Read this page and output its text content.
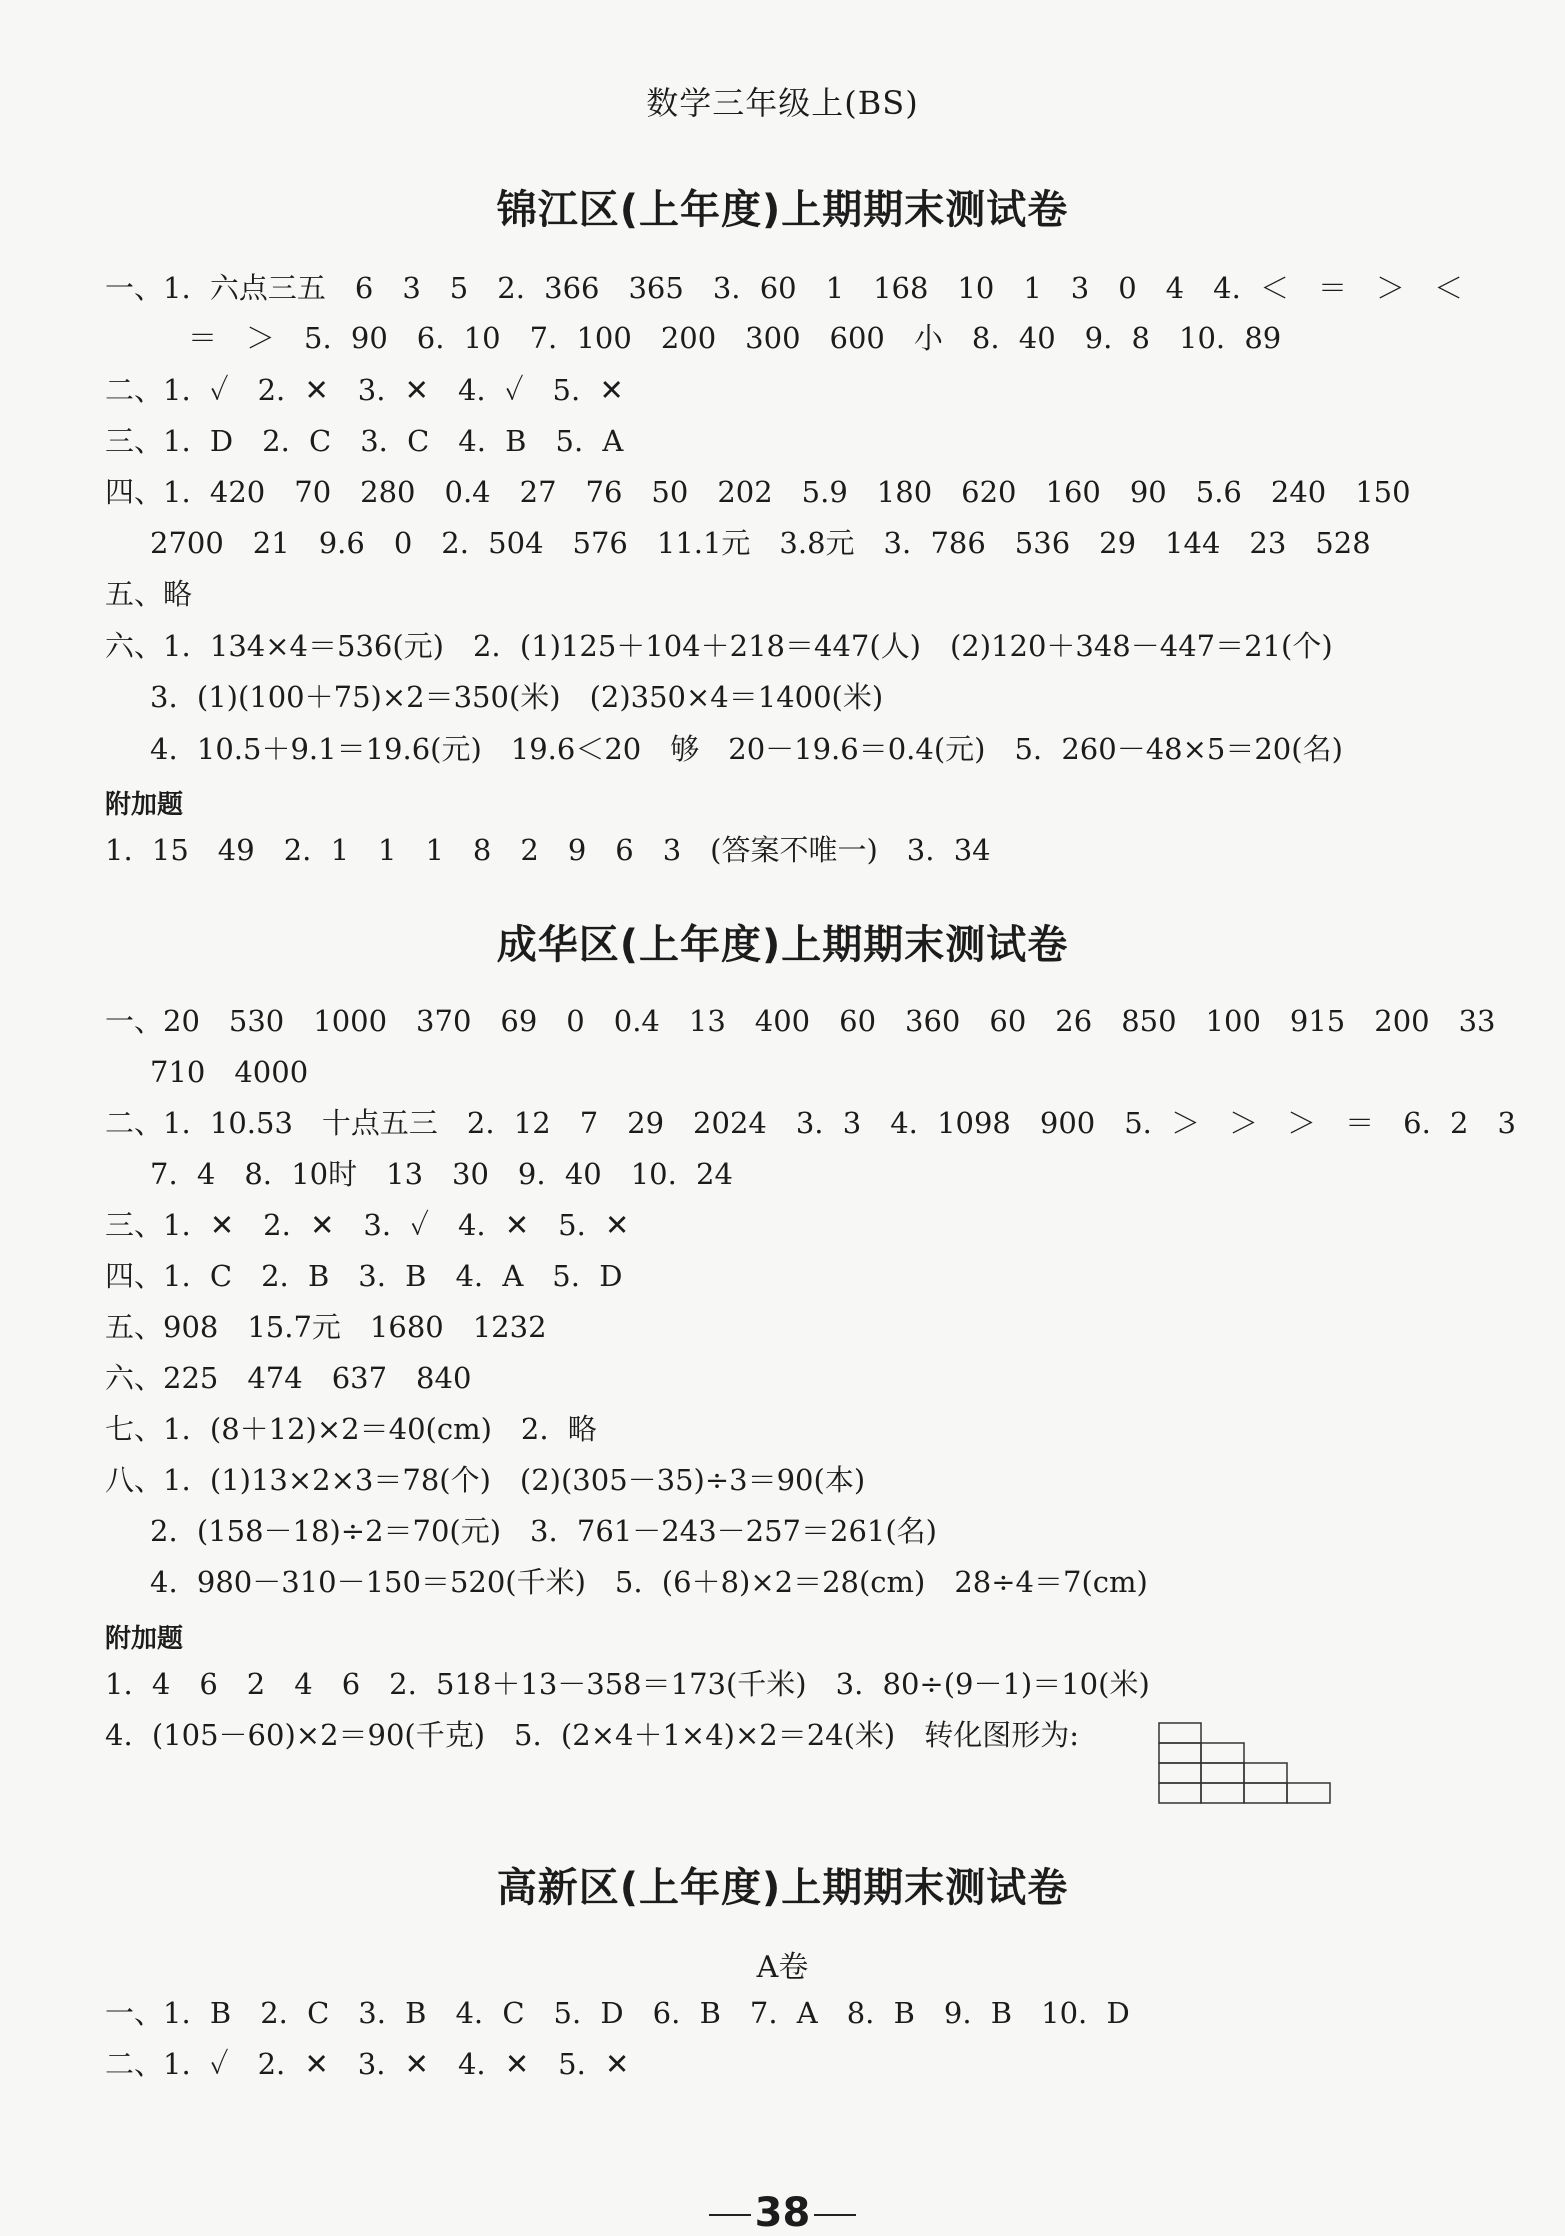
数学三年级上(BS)
锦江区(上年度)上期期末测试卷
一、1. 六点三五　6　3　5　2. 366　365　3. 60　1　168　10　1　3　0　4　4. ＜　＝　＞　＜
＝　＞　5. 90　6. 10　7. 100　200　300　600　小　8. 40　9. 8　10. 89
二、1. ✓　2. ✕　3. ✕　4. ✓　5. ✕
三、1. D　2. C　3. C　4. B　5. A
四、1. 420　70　280　0.4　27　76　50　202　5.9　180　620　160　90　5.6　240　150
2700　21　9.6　0　2. 504　576　11.1元　3.8元　3. 786　536　29　144　23　528
五、略
六、1. 134×4＝536(元)　2. (1)125＋104＋218＝447(人)　(2)120＋348－447＝21(个)
3. (1)(100＋75)×2＝350(米)　(2)350×4＝1400(米)
4. 10.5＋9.1＝19.6(元)　19.6＜20　够　20－19.6＝0.4(元)　5. 260－48×5＝20(名)
附加题
1. 15　49　2. 1　1　1　8　2　9　6　3　(答案不唯一)　3. 34
成华区(上年度)上期期末测试卷
一、20　530　1000　370　69　0　0.4　13　400　60　360　60　26　850　100　915　200　33
710　4000
二、1. 10.53　十点五三　2. 12　7　29　2024　3. 3　4. 1098　900　5. ＞　＞　＞　＝　6. 2　3
7. 4　8. 10时　13　30　9. 40　10. 24
三、1. ✕　2. ✕　3. ✓　4. ✕　5. ✕
四、1. C　2. B　3. B　4. A　5. D
五、908　15.7元　1680　1232
六、225　474　637　840
七、1. (8＋12)×2＝40(cm)　2. 略
八、1. (1)13×2×3＝78(个)　(2)(305－35)÷3＝90(本)
2. (158－18)÷2＝70(元)　3. 761－243－257＝261(名)
4. 980－310－150＝520(千米)　5. (6＋8)×2＝28(cm)　28÷4＝7(cm)
附加题
1. 4　6　2　4　6　2. 518＋13－358＝173(千米)　3. 80÷(9－1)＝10(米)
4. (105－60)×2＝90(千克)　5. (2×4＋1×4)×2＝24(米)　转化图形为:
高新区(上年度)上期期末测试卷
A卷
一、1. B　2. C　3. B　4. C　5. D　6. B　7. A　8. B　9. B　10. D
二、1. ✓　2. ✕　3. ✕　4. ✕　5. ✕
38
